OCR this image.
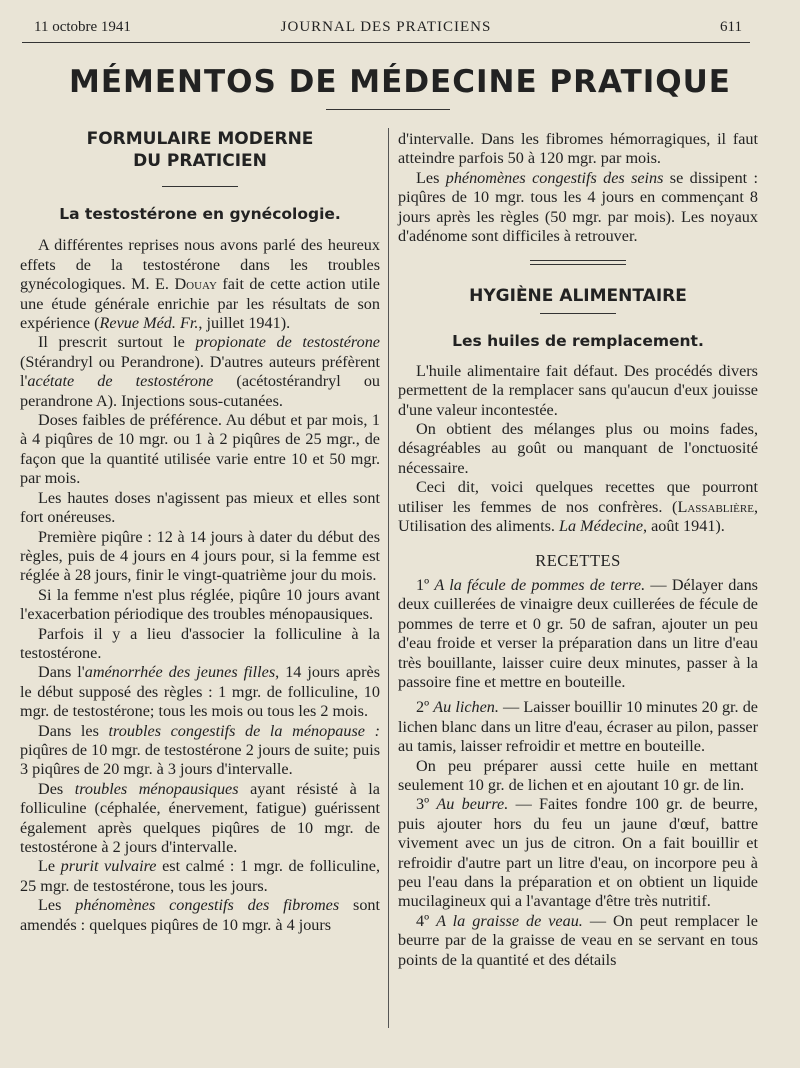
11 octobre 1941	JOURNAL DES PRATICIENS	611
MÉMENTOS DE MÉDECINE PRATIQUE
FORMULAIRE MODERNE
DU PRATICIEN
La testostérone en gynécologie.

A différentes reprises nous avons parlé des heureux effets de la testostérone dans les troubles gynécologiques. M. E. Douay fait de cette action utile une étude générale enrichie par les résultats de son expérience (Revue Méd. Fr., juillet 1941).

Il prescrit surtout le propionate de testostérone (Stérandryl ou Perandrone). D'autres auteurs préfèrent l'acétate de testostérone (acétostérandryl ou perandrone A). Injections sous-cutanées.

Doses faibles de préférence. Au début et par mois, 1 à 4 piqûres de 10 mgr. ou 1 à 2 piqûres de 25 mgr., de façon que la quantité utilisée varie entre 10 et 50 mgr. par mois.

Les hautes doses n'agissent pas mieux et elles sont fort onéreuses.

Première piqûre : 12 à 14 jours à dater du début des règles, puis de 4 jours en 4 jours pour, si la femme est réglée à 28 jours, finir le vingt-quatrième jour du mois.

Si la femme n'est plus réglée, piqûre 10 jours avant l'exacerbation périodique des troubles ménopausiques.

Parfois il y a lieu d'associer la folliculine à la testostérone.

Dans l'aménorrhée des jeunes filles, 14 jours après le début supposé des règles : 1 mgr. de folliculine, 10 mgr. de testostérone; tous les mois ou tous les 2 mois.

Dans les troubles congestifs de la ménopause : piqûres de 10 mgr. de testostérone 2 jours de suite; puis 3 piqûres de 20 mgr. à 3 jours d'intervalle.

Des troubles ménopausiques ayant résisté à la folliculine (céphalée, énervement, fatigue) guérissent également après quelques piqûres de 10 mgr. de testostérone à 2 jours d'intervalle.

Le prurit vulvaire est calmé : 1 mgr. de folliculine, 25 mgr. de testostérone, tous les jours.

Les phénomènes congestifs des fibromes sont amendés : quelques piqûres de 10 mgr. à 4 jours

d'intervalle. Dans les fibromes hémorragiques, il faut atteindre parfois 50 à 120 mgr. par mois.

Les phénomènes congestifs des seins se dissipent : piqûres de 10 mgr. tous les 4 jours en commençant 8 jours après les règles (50 mgr. par mois). Les noyaux d'adénome sont difficiles à retrouver.

HYGIÈNE ALIMENTAIRE
Les huiles de remplacement.

L'huile alimentaire fait défaut. Des procédés divers permettent de la remplacer sans qu'aucun d'eux jouisse d'une valeur incontestée.

On obtient des mélanges plus ou moins fades, désagréables au goût ou manquant de l'onctuosité nécessaire.

Ceci dit, voici quelques recettes que pourront utiliser les femmes de nos confrères. (Lassablière, Utilisation des aliments. La Médecine, août 1941).

RECETTES

1º A la fécule de pommes de terre. — Délayer dans deux cuillerées de vinaigre deux cuillerées de fécule de pommes de terre et 0 gr. 50 de safran, ajouter un peu d'eau froide et verser la préparation dans un litre d'eau très bouillante, laisser cuire deux minutes, passer à la passoire fine et mettre en bouteille.

2º Au lichen. — Laisser bouillir 10 minutes 20 gr. de lichen blanc dans un litre d'eau, écraser au pilon, passer au tamis, laisser refroidir et mettre en bouteille.

On peu préparer aussi cette huile en mettant seulement 10 gr. de lichen et en ajoutant 10 gr. de lin.

3º Au beurre. — Faites fondre 100 gr. de beurre, puis ajouter hors du feu un jaune d'œuf, battre vivement avec un jus de citron. On a fait bouillir et refroidir d'autre part un litre d'eau, on incorpore peu à peu l'eau dans la préparation et on obtient un liquide mucilagineux qui a l'avantage d'être très nutritif.

4º A la graisse de veau. — On peut remplacer le beurre par de la graisse de veau en se servant en tous points de la quantité et des détails
